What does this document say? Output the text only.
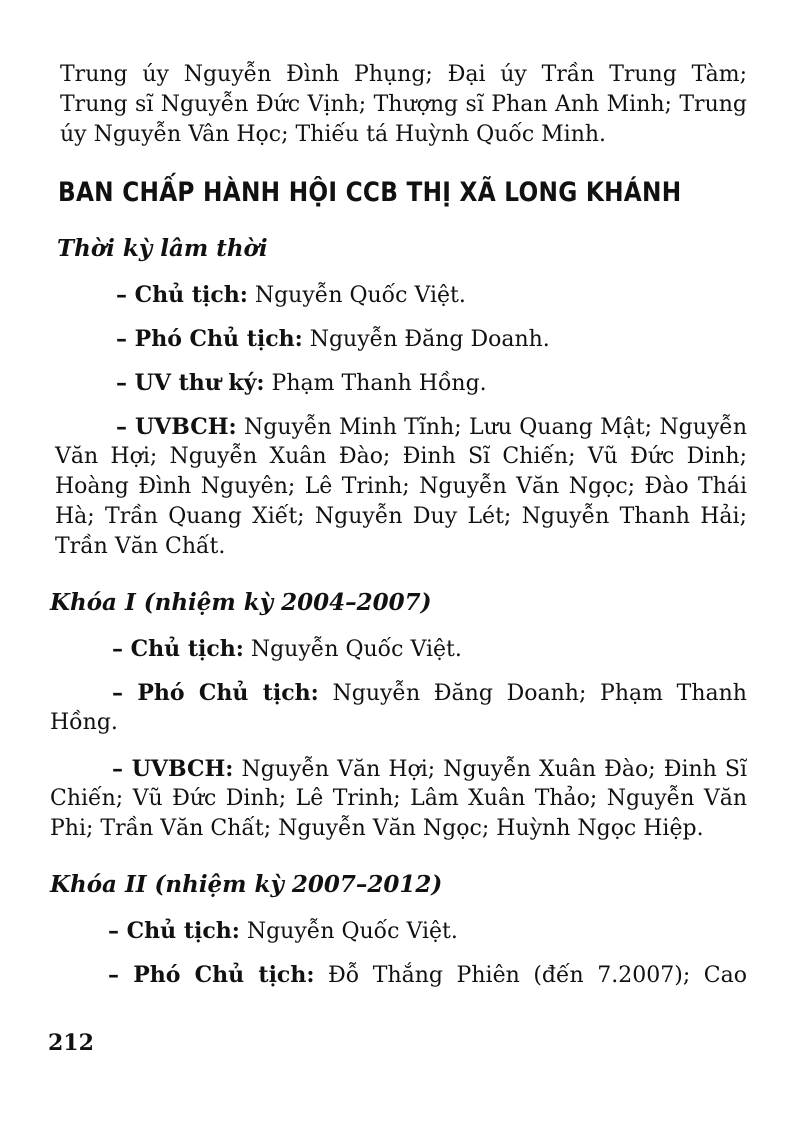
Trung úy Nguyễn Đình Phụng; Đại úy Trần Trung Tàm;
Trung sĩ Nguyễn Đức Vịnh; Thượng sĩ Phan Anh Minh; Trung
úy Nguyễn Vân Học; Thiếu tá Huỳnh Quốc Minh.
BAN CHẤP HÀNH HỘI CCB THỊ XÃ LONG KHÁNH
Thời kỳ lâm thời
– Chủ tịch: Nguyễn Quốc Việt.
– Phó Chủ tịch: Nguyễn Đăng Doanh.
– UV thư ký: Phạm Thanh Hồng.
– UVBCH: Nguyễn Minh Tĩnh; Lưu Quang Mật; Nguyễn
Văn Hợi; Nguyễn Xuân Đào; Đinh Sĩ Chiến; Vũ Đức Dinh;
Hoàng Đình Nguyên; Lê Trinh; Nguyễn Văn Ngọc; Đào Thái
Hà; Trần Quang Xiết; Nguyễn Duy Lét; Nguyễn Thanh Hải;
Trần Văn Chất.
Khóa I (nhiệm kỳ 2004–2007)
– Chủ tịch: Nguyễn Quốc Việt.
– Phó Chủ tịch: Nguyễn Đăng Doanh; Phạm Thanh
Hồng.
– UVBCH: Nguyễn Văn Hợi; Nguyễn Xuân Đào; Đinh Sĩ
Chiến; Vũ Đức Dinh; Lê Trinh; Lâm Xuân Thảo; Nguyễn Văn
Phi; Trần Văn Chất; Nguyễn Văn Ngọc; Huỳnh Ngọc Hiệp.
Khóa II (nhiệm kỳ 2007–2012)
– Chủ tịch: Nguyễn Quốc Việt.
– Phó Chủ tịch: Đỗ Thắng Phiên (đến 7.2007); Cao
212
